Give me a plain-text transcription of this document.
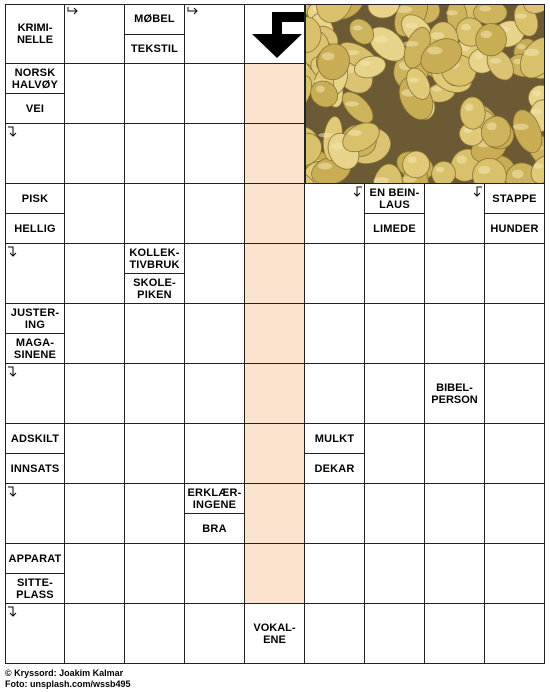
KRIMI-
NELLE
MØBEL
TEKSTIL
NORSK
HALVØY
VEI
PISK
HELLIG
EN BEIN-
LAUS
LIMEDE
STAPPE
HUNDER
KOLLEK-
TIVBRUK
SKOLE-
PIKEN
JUSTER-
ING
MAGA-
SINENE
BIBEL-
PERSON
ADSKILT
INNSATS
MULKT
DEKAR
ERKLÆR-
INGENE
BRA
APPARAT
SITTE-
PLASS
VOKAL-
ENE
© Kryssord: Joakim Kalmar
Foto: unsplash.com/wssb495
